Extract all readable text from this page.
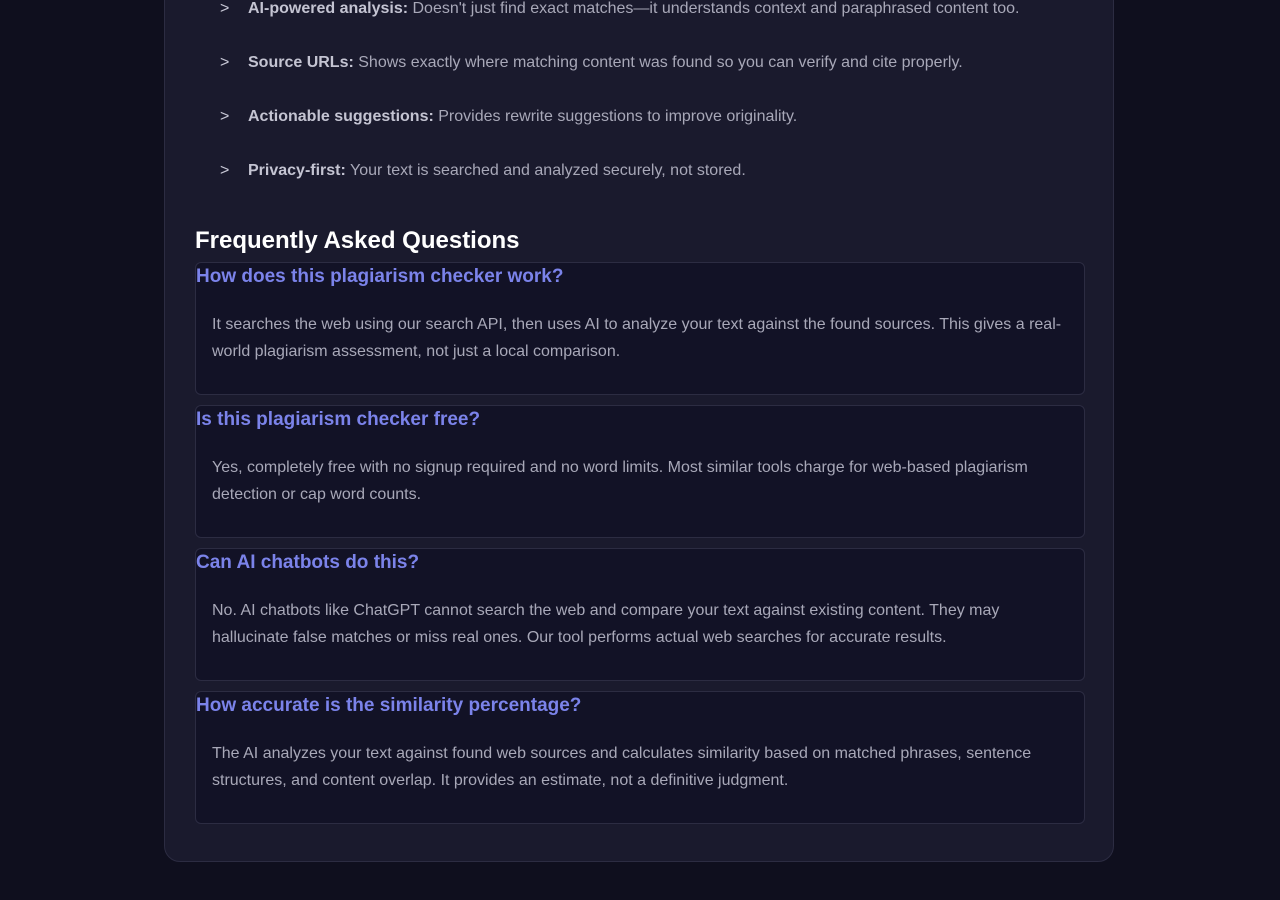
> AI-powered analysis: Doesn't just find exact matches—it understands context and paraphrased content too.
> Source URLs: Shows exactly where matching content was found so you can verify and cite properly.
> Actionable suggestions: Provides rewrite suggestions to improve originality.
> Privacy-first: Your text is searched and analyzed securely, not stored.
Frequently Asked Questions
How does this plagiarism checker work?

It searches the web using our search API, then uses AI to analyze your text against the found sources. This gives a real-world plagiarism assessment, not just a local comparison.

Is this plagiarism checker free?

Yes, completely free with no signup required and no word limits. Most similar tools charge for web-based plagiarism detection or cap word counts.

Can AI chatbots do this?

No. AI chatbots like ChatGPT cannot search the web and compare your text against existing content. They may hallucinate false matches or miss real ones. Our tool performs actual web searches for accurate results.

How accurate is the similarity percentage?

The AI analyzes your text against found web sources and calculates similarity based on matched phrases, sentence structures, and content overlap. It provides an estimate, not a definitive judgment.
